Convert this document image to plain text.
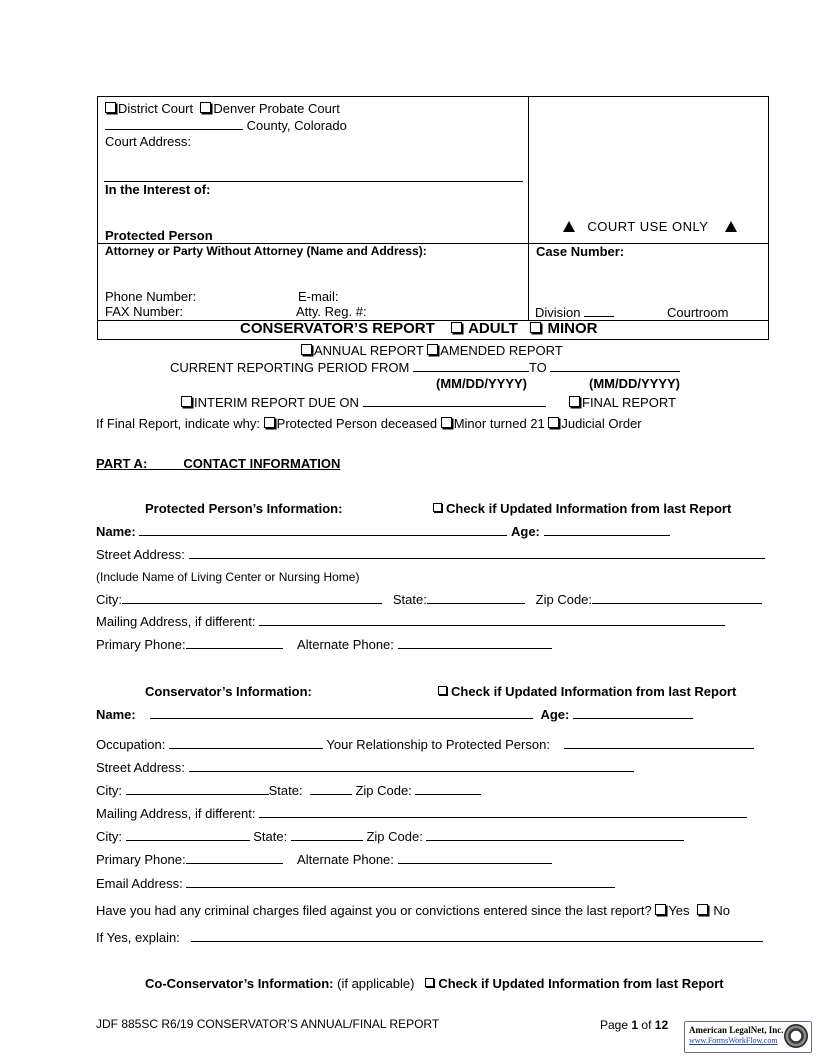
District Court Denver Probate Court
County, Colorado
Court Address:
In the Interest of:
Protected Person
COURT USE ONLY
Attorney or Party Without Attorney (Name and Address):
Phone Number:	E-mail:
FAX Number:	Atty. Reg. #:
Case Number:
Division	Courtroom
CONSERVATOR’S REPORT ADULT MINOR
ANNUAL REPORT AMENDED REPORT
CURRENT REPORTING PERIOD FROM	TO
(MM/DD/YYYY)	(MM/DD/YYYY)
INTERIM REPORT DUE ON	FINAL REPORT
If Final Report, indicate why: Protected Person deceased Minor turned 21 Judicial Order
PART A:	CONTACT INFORMATION
Protected Person’s Information:	Check if Updated Information from last Report
Name:	Age:
Street Address:
(Include Name of Living Center or Nursing Home)
City:	State:	Zip Code:
Mailing Address, if different:
Primary Phone:	Alternate Phone:
Conservator’s Information:	Check if Updated Information from last Report
Name:	Age:
Occupation:	Your Relationship to Protected Person:
Street Address:
City:	State:	Zip Code:
Mailing Address, if different:
City:	State:	Zip Code:
Primary Phone:	Alternate Phone:
Email Address:
Have you had any criminal charges filed against you or convictions entered since the last report? Yes No
If Yes, explain:
Co-Conservator’s Information: (if applicable) Check if Updated Information from last Report
JDF 885SC R6/19 CONSERVATOR’S ANNUAL/FINAL REPORT	Page 1 of 12 American LegalNet, Inc.
www.FormsWorkFlow.com
